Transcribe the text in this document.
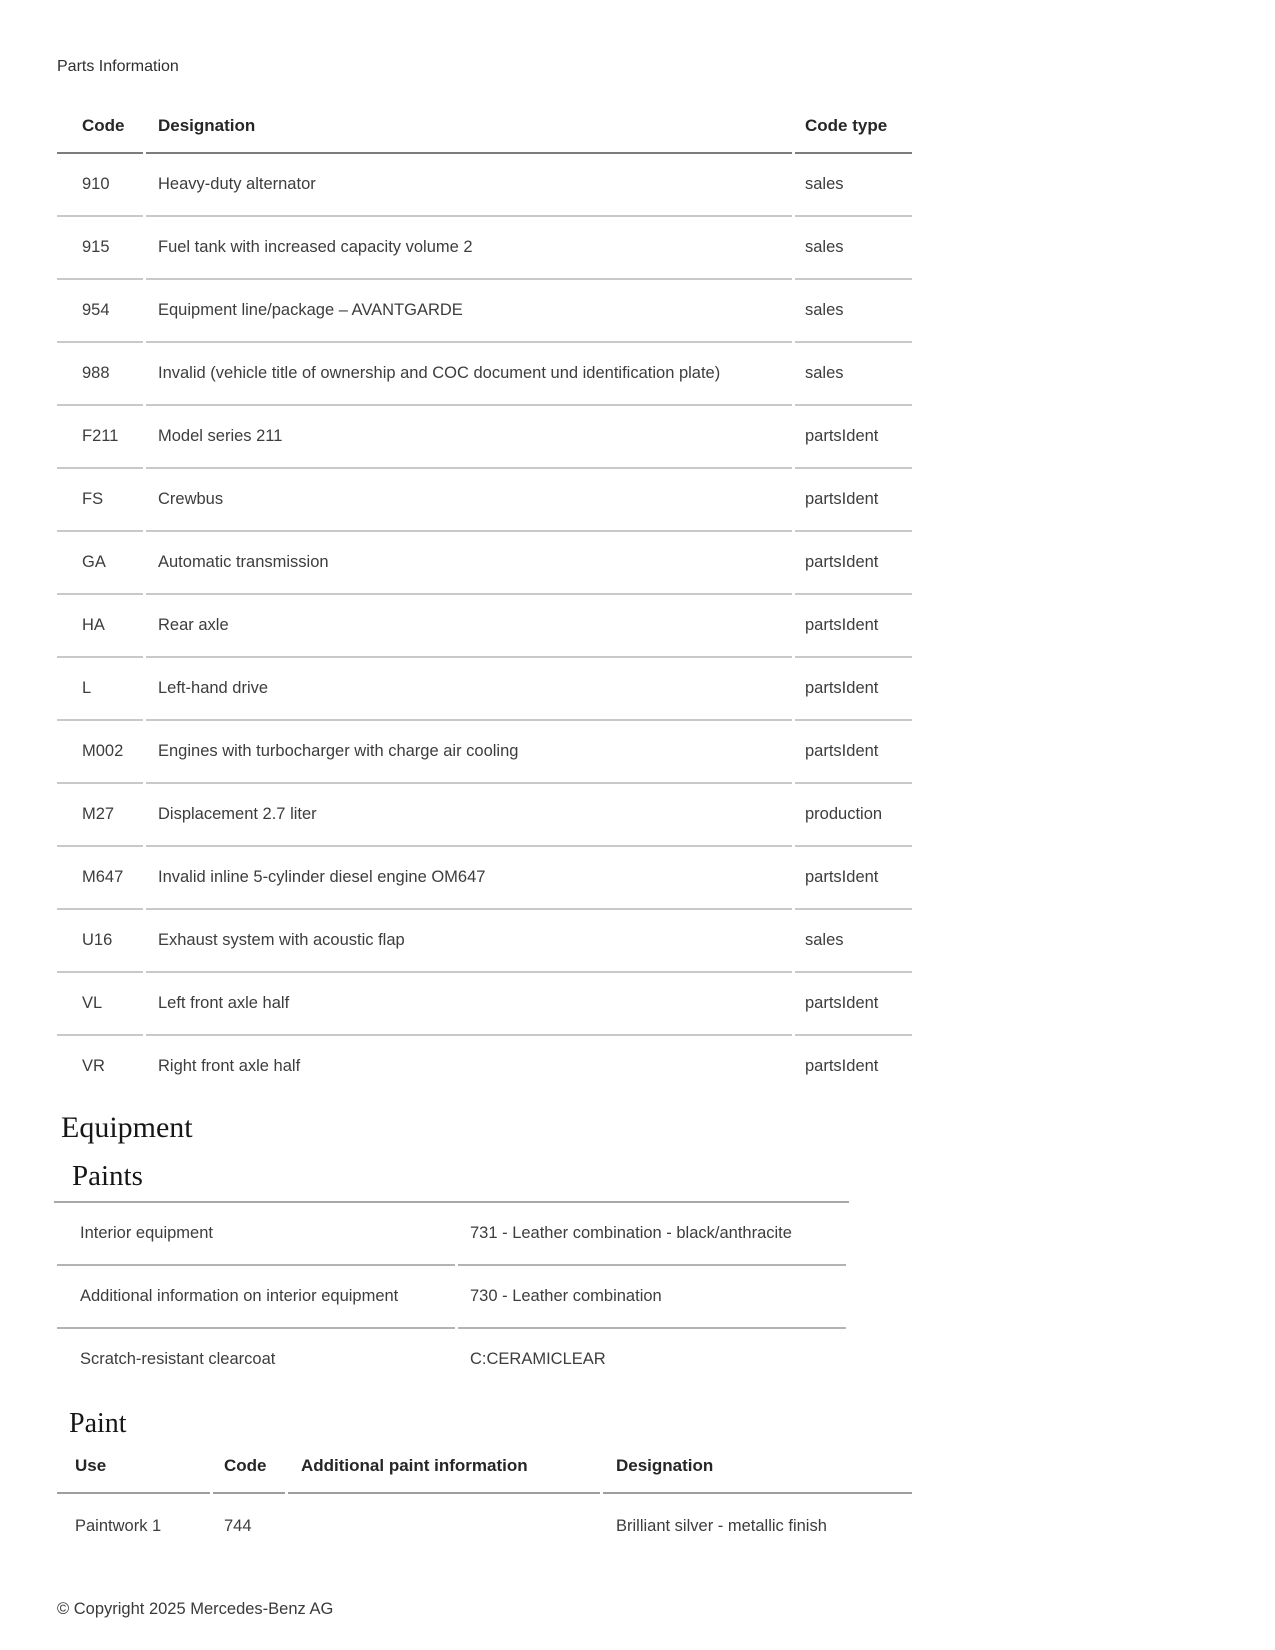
Parts Information
Code	Designation	Code type
910	Heavy-duty alternator	sales
915	Fuel tank with increased capacity volume 2	sales
954	Equipment line/package – AVANTGARDE	sales
988	Invalid (vehicle title of ownership and COC document und identification plate)	sales
F211	Model series 211	partsIdent
FS	Crewbus	partsIdent
GA	Automatic transmission	partsIdent
HA	Rear axle	partsIdent
L	Left-hand drive	partsIdent
M002	Engines with turbocharger with charge air cooling	partsIdent
M27	Displacement 2.7 liter	production
M647	Invalid inline 5-cylinder diesel engine OM647	partsIdent
U16	Exhaust system with acoustic flap	sales
VL	Left front axle half	partsIdent
VR	Right front axle half	partsIdent
Equipment
Paints
Interior equipment	731 - Leather combination - black/anthracite
Additional information on interior equipment	730 - Leather combination
Scratch-resistant clearcoat	C:CERAMICLEAR
Paint
Use	Code	Additional paint information	Designation
Paintwork 1	744		Brilliant silver - metallic finish
© Copyright 2025 Mercedes-Benz AG
